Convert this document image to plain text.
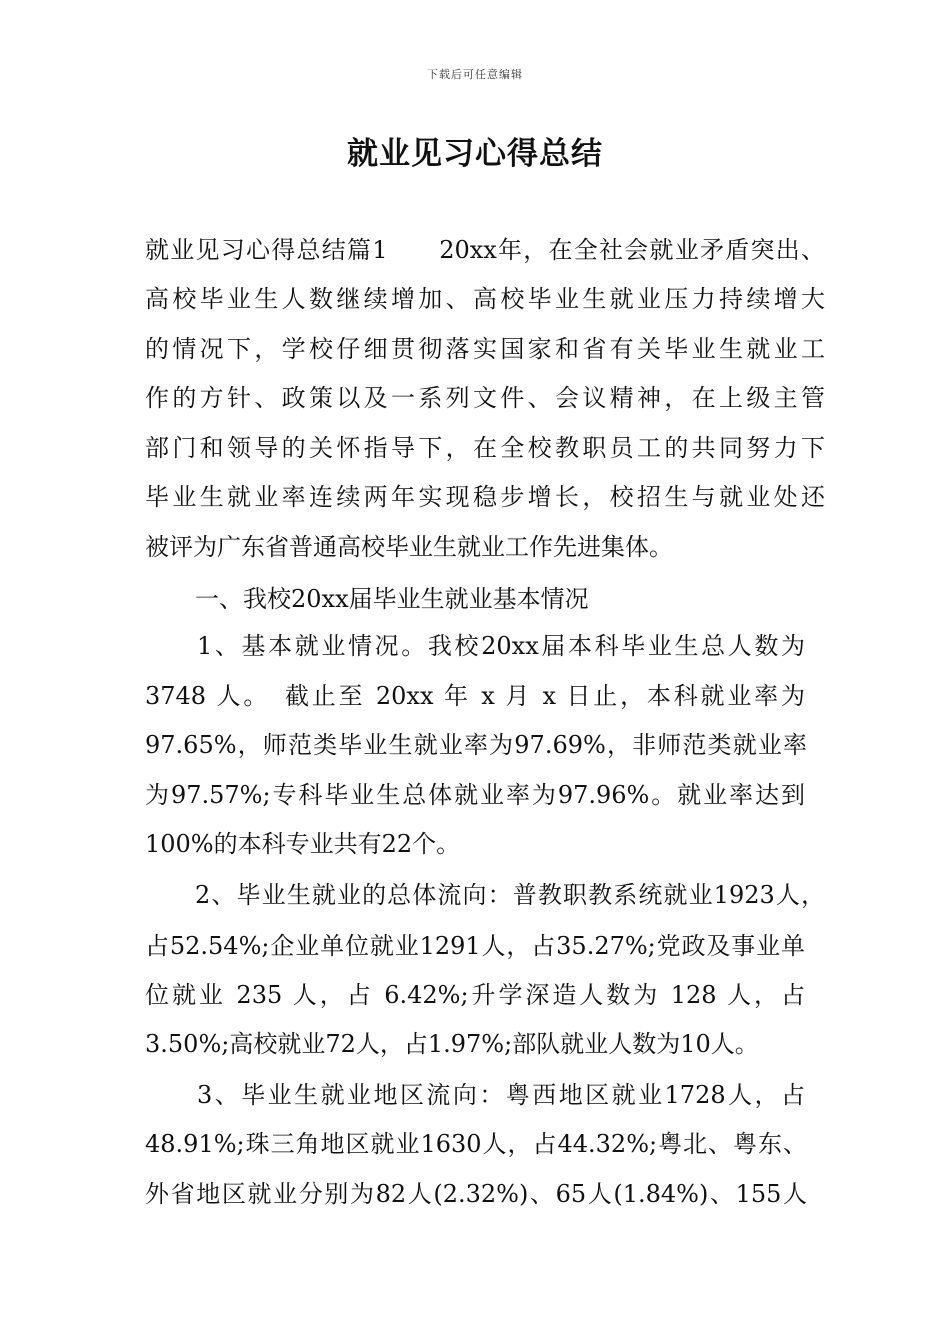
下载后可任意编辑
就业见习心得总结
就业见习心得总结篇1　　20xx年，在全社会就业矛盾突出、
高校毕业生人数继续增加、高校毕业生就业压力持续增大
的情况下，学校仔细贯彻落实国家和省有关毕业生就业工
作的方针、政策以及一系列文件、会议精神，在上级主管
部门和领导的关怀指导下，在全校教职员工的共同努力下
毕业生就业率连续两年实现稳步增长，校招生与就业处还
被评为广东省普通高校毕业生就业工作先进集体。
一、我校20xx届毕业生就业基本情况
1、基本就业情况。我校20xx届本科毕业生总人数为
3748 人。　截止至 20xx 年 x 月 x 日止，本科就业率为
97.65%，师范类毕业生就业率为97.69%，非师范类就业率
为97.57%;专科毕业生总体就业率为97.96%。就业率达到
100%的本科专业共有22个。
2、毕业生就业的总体流向：普教职教系统就业1923人，
占52.54%;企业单位就业1291人，占35.27%;党政及事业单
位就业 235 人，占 6.42%;升学深造人数为 128 人，占
3.50%;高校就业72人，占1.97%;部队就业人数为10人。
3、毕业生就业地区流向：粤西地区就业1728人，占
48.91%;珠三角地区就业1630人，占44.32%;粤北、粤东、
外省地区就业分别为82人(2.32%)、65人(1.84%)、155人
